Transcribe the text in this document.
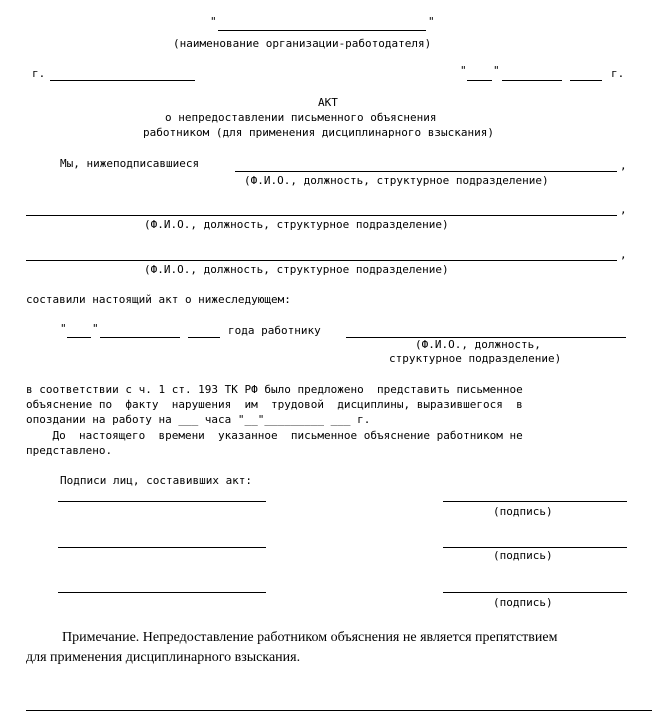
"	"
(наименование организации-работодателя)
г.	" "	г.
АКТ
о непредоставлении письменного объяснения
работником (для применения дисциплинарного взыскания)
Мы, нижеподписавшиеся	,
(Ф.И.О., должность, структурное подразделение)
,
(Ф.И.О., должность, структурное подразделение)
,
(Ф.И.О., должность, структурное подразделение)
составили настоящий акт о нижеследующем:
" "	года работнику
(Ф.И.О., должность,
структурное подразделение)
в соответствии с ч. 1 ст. 193 ТК РФ было предложено  представить письменное
объяснение по  факту  нарушения  им  трудовой  дисциплины, выразившегося  в
опоздании на работу на ___ часа "__"_________ ___ г.
До  настоящего  времени  указанное  письменное объяснение работником не
представлено.
Подписи лиц, составивших акт:
(подпись)
(подпись)
(подпись)
Примечание. Непредоставление работником объяснения не является препятствием
для применения дисциплинарного взыскания.
